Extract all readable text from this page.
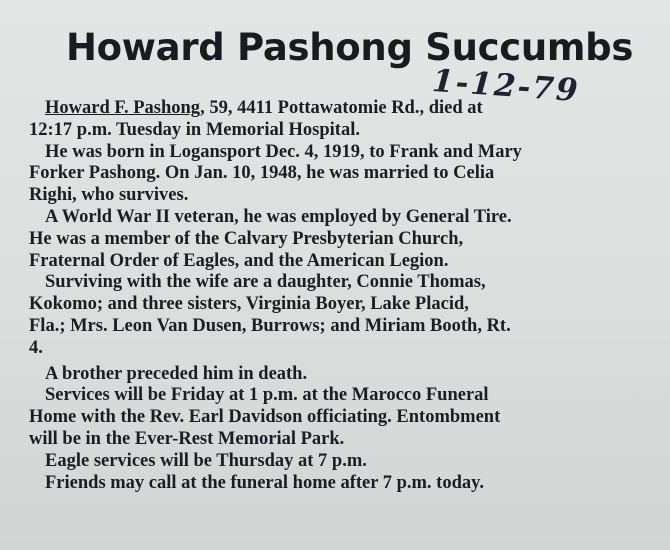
Howard Pashong Succumbs
1-12-79
Howard F. Pashong, 59, 4411 Pottawatomie Rd., died at
12:17 p.m. Tuesday in Memorial Hospital.
He was born in Logansport Dec. 4, 1919, to Frank and Mary
Forker Pashong. On Jan. 10, 1948, he was married to Celia
Righi, who survives.
A World War II veteran, he was employed by General Tire.
He was a member of the Calvary Presbyterian Church,
Fraternal Order of Eagles, and the American Legion.
Surviving with the wife are a daughter, Connie Thomas,
Kokomo; and three sisters, Virginia Boyer, Lake Placid,
Fla.; Mrs. Leon Van Dusen, Burrows; and Miriam Booth, Rt.
4.
A brother preceded him in death.
Services will be Friday at 1 p.m. at the Marocco Funeral
Home with the Rev. Earl Davidson officiating. Entombment
will be in the Ever-Rest Memorial Park.
Eagle services will be Thursday at 7 p.m.
Friends may call at the funeral home after 7 p.m. today.
